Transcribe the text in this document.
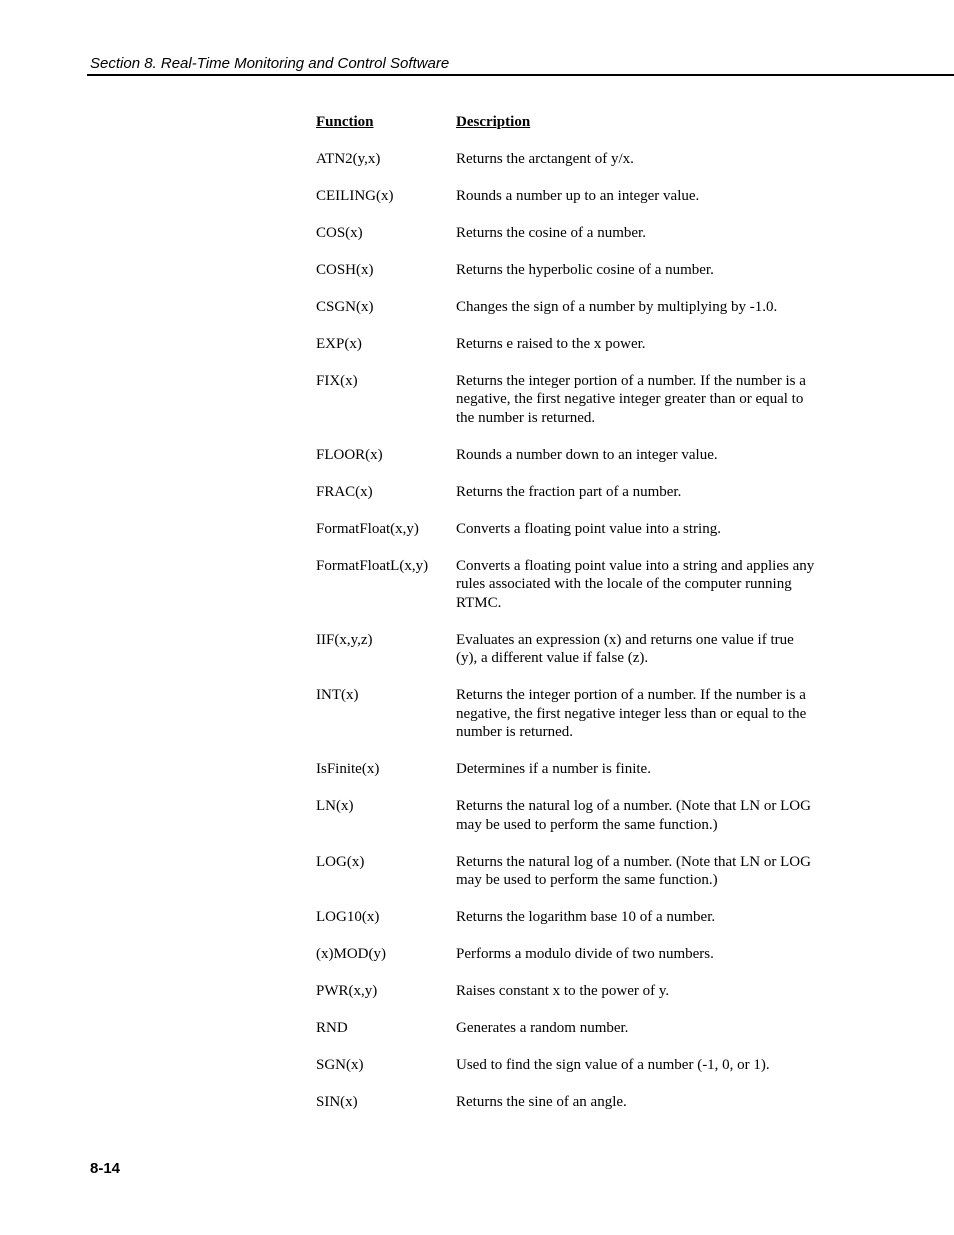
Section 8. Real-Time Monitoring and Control Software
Function	Description
ATN2(y,x)	Returns the arctangent of y/x.
CEILING(x)	Rounds a number up to an integer value.
COS(x)	Returns the cosine of a number.
COSH(x)	Returns the hyperbolic cosine of a number.
CSGN(x)	Changes the sign of a number by multiplying by -1.0.
EXP(x)	Returns e raised to the x power.
FIX(x)	Returns the integer portion of a number. If the number is a negative, the first negative integer greater than or equal to the number is returned.
FLOOR(x)	Rounds a number down to an integer value.
FRAC(x)	Returns the fraction part of a number.
FormatFloat(x,y)	Converts a floating point value into a string.
FormatFloatL(x,y)	Converts a floating point value into a string and applies any rules associated with the locale of the computer running RTMC.
IIF(x,y,z)	Evaluates an expression (x) and returns one value if true (y), a different value if false (z).
INT(x)	Returns the integer portion of a number. If the number is a negative, the first negative integer less than or equal to the number is returned.
IsFinite(x)	Determines if a number is finite.
LN(x)	Returns the natural log of a number. (Note that LN or LOG may be used to perform the same function.)
LOG(x)	Returns the natural log of a number. (Note that LN or LOG may be used to perform the same function.)
LOG10(x)	Returns the logarithm base 10 of a number.
(x)MOD(y)	Performs a modulo divide of two numbers.
PWR(x,y)	Raises constant x to the power of y.
RND	Generates a random number.
SGN(x)	Used to find the sign value of a number (-1, 0, or 1).
SIN(x)	Returns the sine of an angle.
8-14
